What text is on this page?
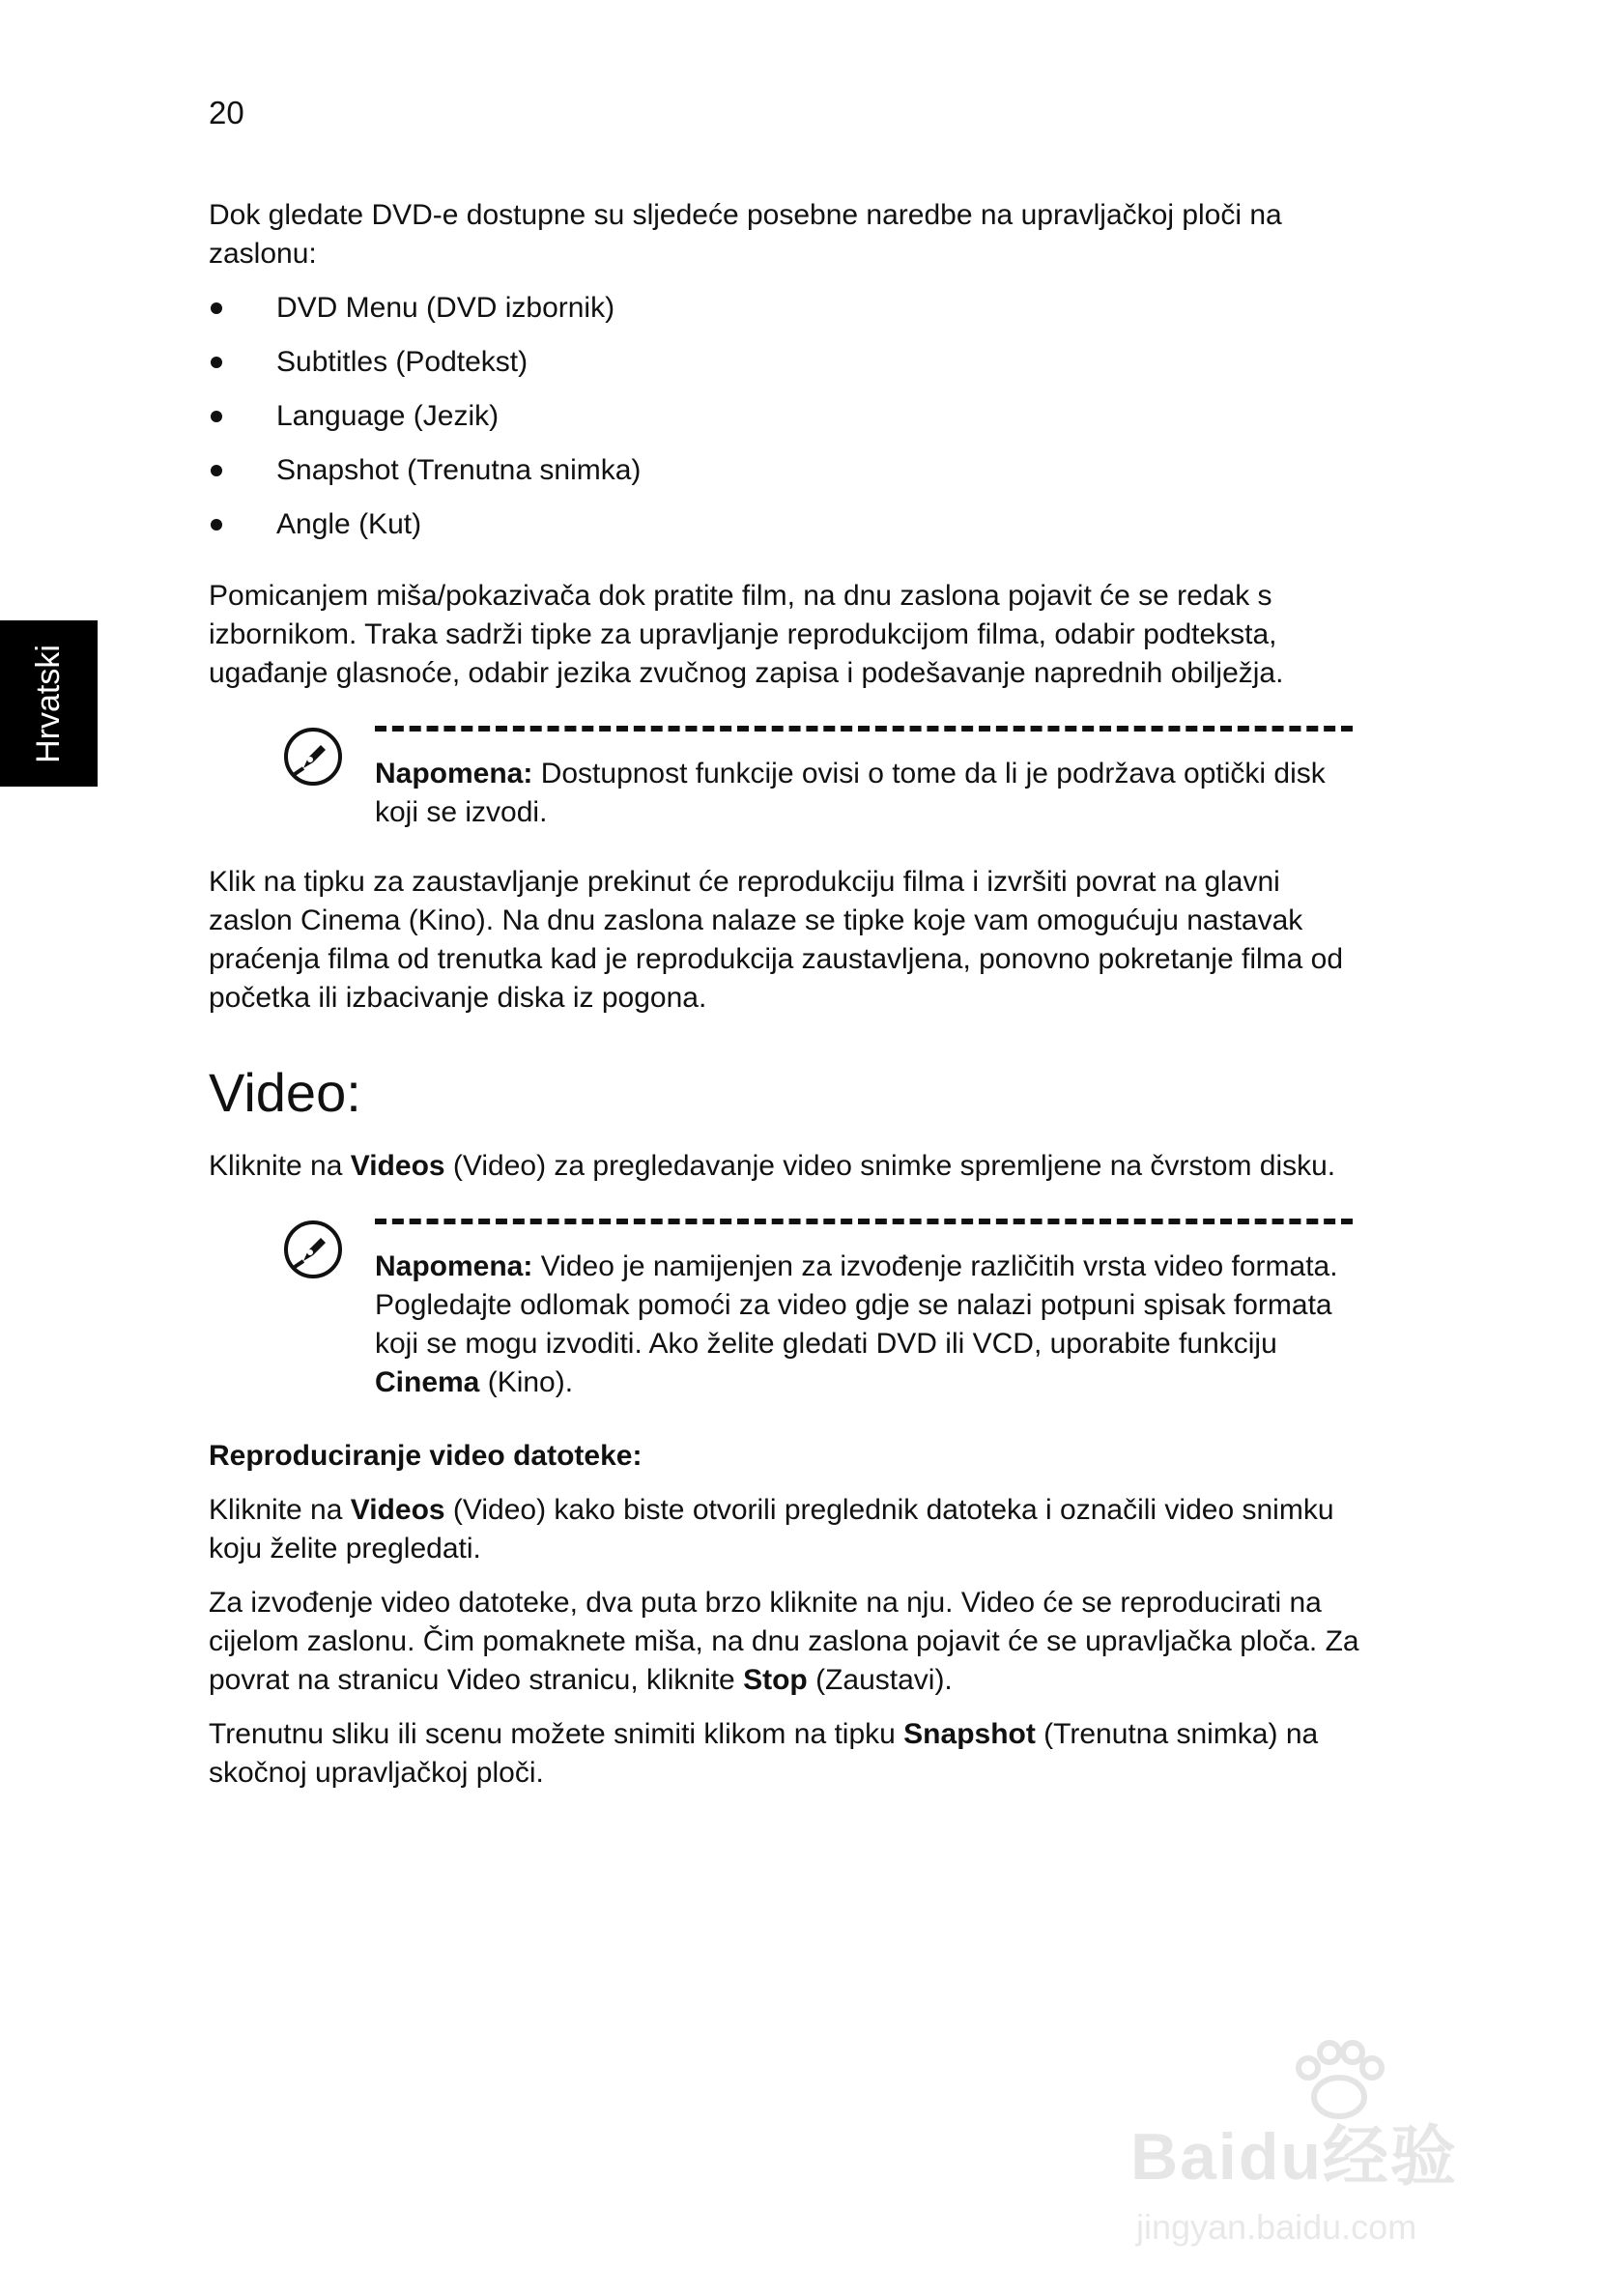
20
Hrvatski

Dok gledate DVD-e dostupne su sljedeće posebne naredbe na upravljačkoj ploči na zaslonu:

DVD Menu (DVD izbornik)
Subtitles (Podtekst)
Language (Jezik)
Snapshot (Trenutna snimka)
Angle (Kut)

Pomicanjem miša/pokazivača dok pratite film, na dnu zaslona pojavit će se redak s izbornikom. Traka sadrži tipke za upravljanje reprodukcijom filma, odabir podteksta, ugađanje glasnoće, odabir jezika zvučnog zapisa i podešavanje naprednih obilježja.

Napomena: Dostupnost funkcije ovisi o tome da li je podržava optički disk koji se izvodi.

Klik na tipku za zaustavljanje prekinut će reprodukciju filma i izvršiti povrat na glavni zaslon Cinema (Kino). Na dnu zaslona nalaze se tipke koje vam omogućuju nastavak praćenja filma od trenutka kad je reprodukcija zaustavljena, ponovno pokretanje filma od početka ili izbacivanje diska iz pogona.

Video:

Kliknite na Videos (Video) za pregledavanje video snimke spremljene na čvrstom disku.

Napomena: Video je namijenjen za izvođenje različitih vrsta video formata. Pogledajte odlomak pomoći za video gdje se nalazi potpuni spisak formata koji se mogu izvoditi. Ako želite gledati DVD ili VCD, uporabite funkciju Cinema (Kino).

Reproduciranje video datoteke:

Kliknite na Videos (Video) kako biste otvorili preglednik datoteka i označili video snimku koju želite pregledati.

Za izvođenje video datoteke, dva puta brzo kliknite na nju. Video će se reproducirati na cijelom zaslonu. Čim pomaknete miša, na dnu zaslona pojavit će se upravljačka ploča. Za povrat na stranicu Video stranicu, kliknite Stop (Zaustavi).

Trenutnu sliku ili scenu možete snimiti klikom na tipku Snapshot (Trenutna snimka) na skočnoj upravljačkoj ploči.

Baidu经验
jingyan.baidu.com
